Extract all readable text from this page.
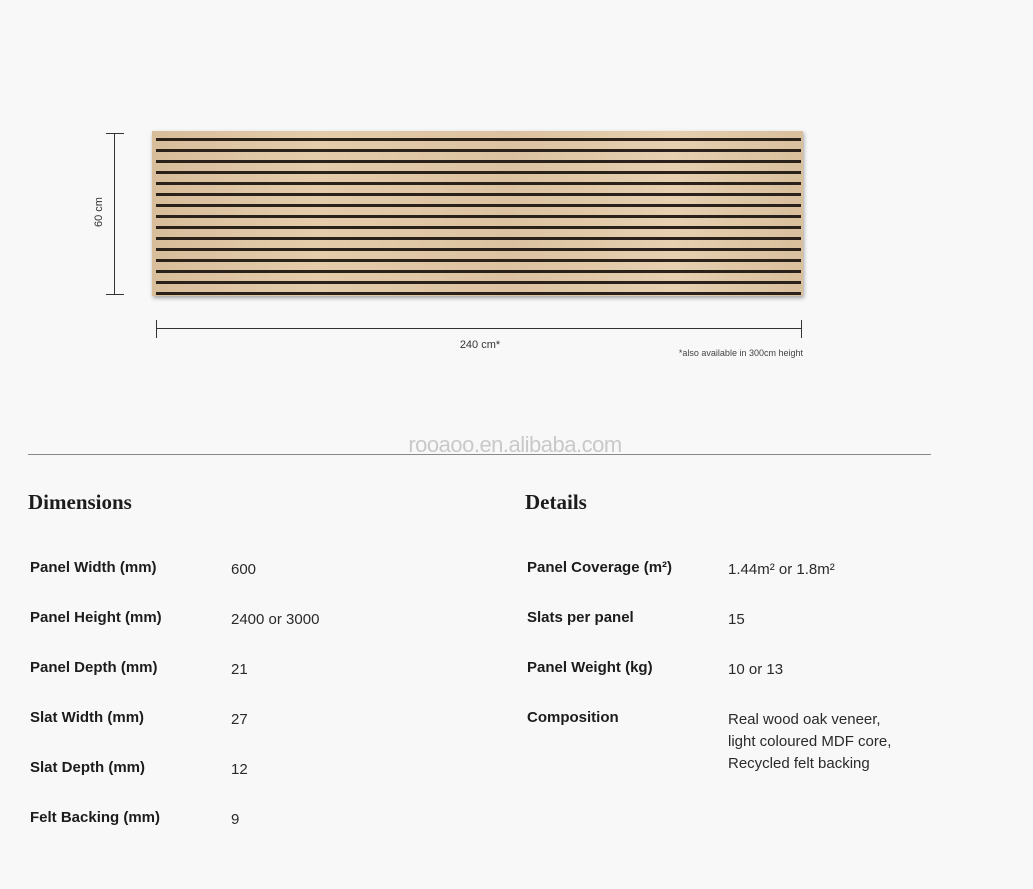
60 cm
240 cm*
*also available in 300cm height
rooaoo.en.alibaba.com
Dimensions
Panel Width (mm)	600
Panel Height (mm)	2400 or 3000
Panel Depth (mm)	21
Slat Width (mm)	27
Slat Depth (mm)	12
Felt Backing (mm)	9
Details
Panel Coverage (m²)	1.44m² or 1.8m²
Slats per panel	15
Panel Weight (kg)	10 or 13
Composition	Real wood oak veneer,
light coloured MDF core,
Recycled felt backing
